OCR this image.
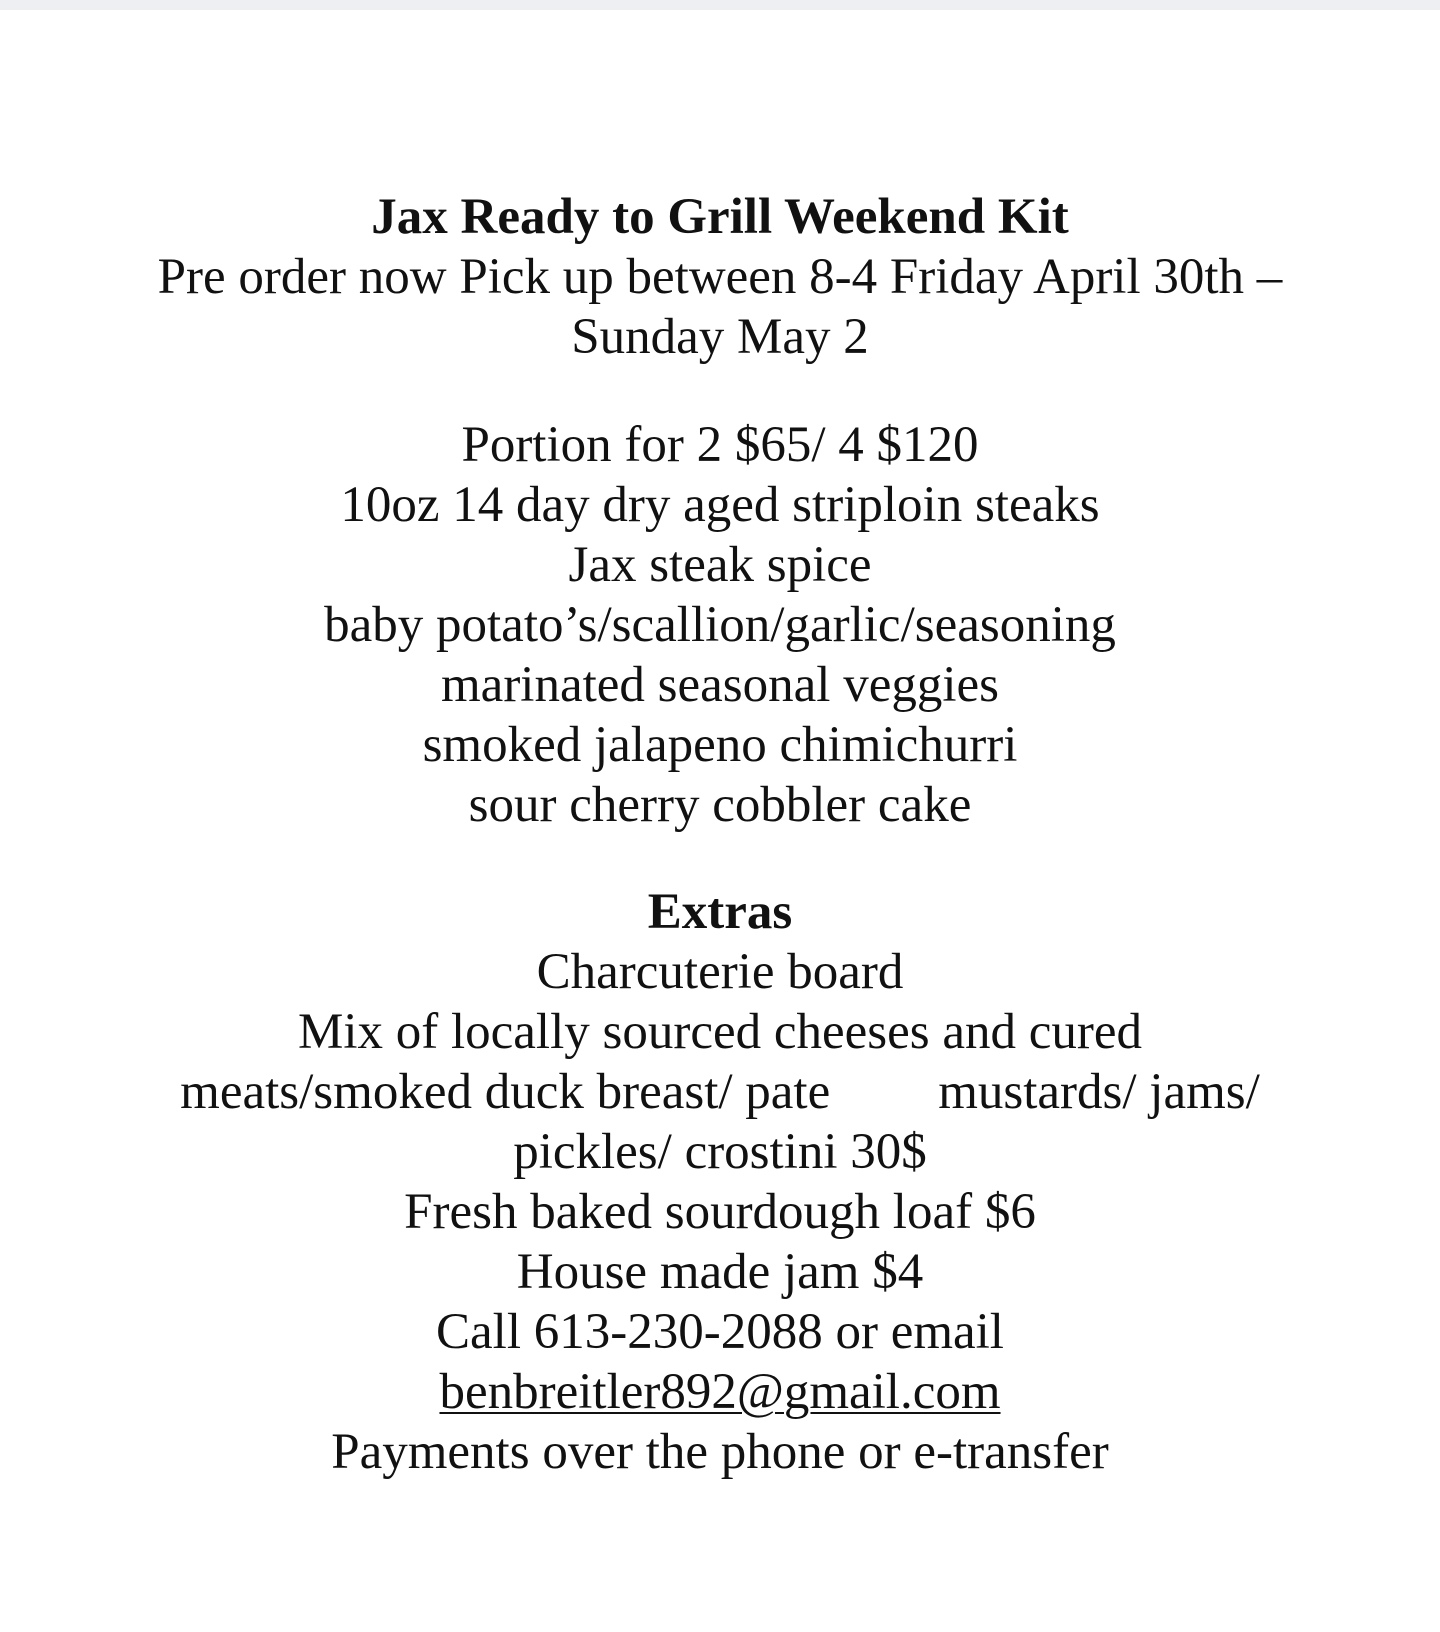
Jax Ready to Grill Weekend Kit
Pre order now Pick up between 8-4 Friday April 30th –
Sunday May 2
Portion for 2 $65/ 4 $120
10oz 14 day dry aged striploin steaks
Jax steak spice
baby potato’s/scallion/garlic/seasoning
marinated seasonal veggies
smoked jalapeno chimichurri
sour cherry cobbler cake
Extras
Charcuterie board
Mix of locally sourced cheeses and cured
meats/smoked duck breast/ pate mustards/ jams/
pickles/ crostini 30$
Fresh baked sourdough loaf $6
House made jam $4
Call 613-230-2088 or email
benbreitler892@gmail.com
Payments over the phone or e-transfer
